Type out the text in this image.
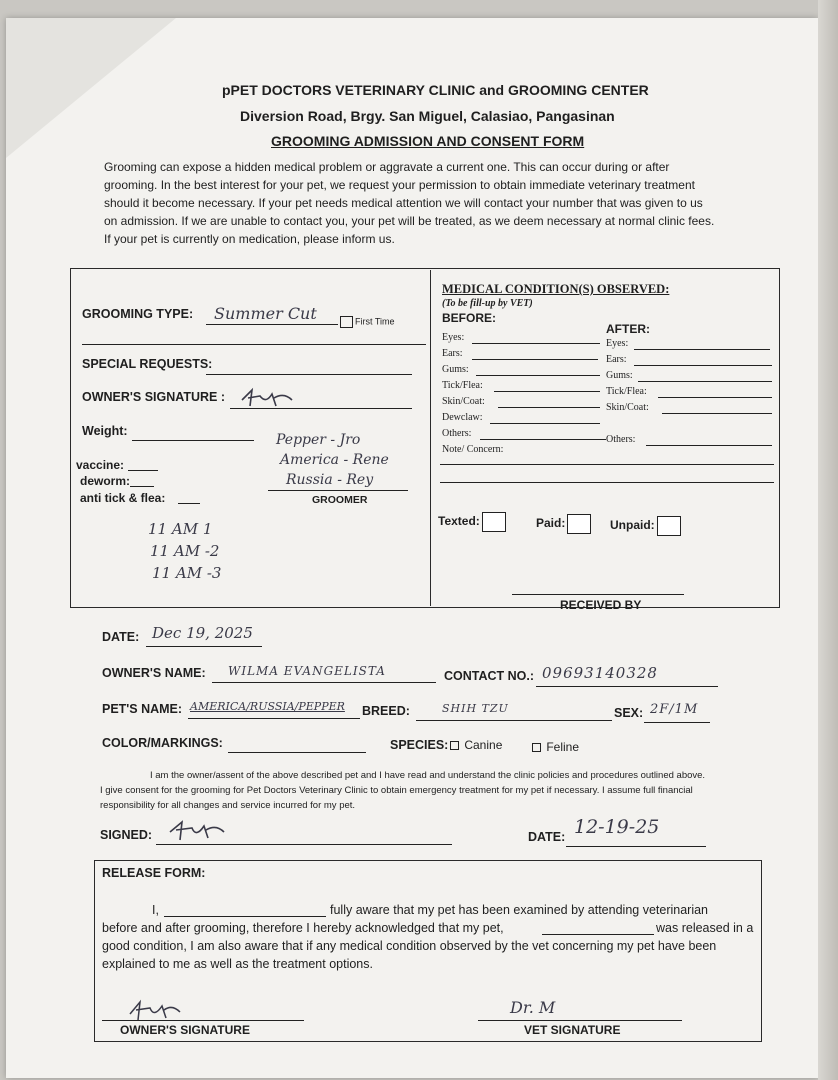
pPET DOCTORS VETERINARY CLINIC and GROOMING CENTER
Diversion Road, Brgy. San Miguel, Calasiao, Pangasinan
GROOMING ADMISSION AND CONSENT FORM
Grooming can expose a hidden medical problem or aggravate a current one. This can occur during or after
grooming. In the best interest for your pet, we request your permission to obtain immediate veterinary treatment
should it become necessary. If your pet needs medical attention we will contact your number that was given to us
on admission. If we are unable to contact you, your pet will be treated, as we deem necessary at normal clinic fees.
If your pet is currently on medication, please inform us.
GROOMING TYPE: Summer Cut	First Time
SPECIAL REQUESTS:
OWNER'S SIGNATURE :
Weight:
vaccine:
deworm:
anti tick & flea:
Pepper - Jro
America - Rene
Russia - Rey
GROOMER
11 AM 1
11 AM -2
11 AM -3
MEDICAL CONDITION(S) OBSERVED:
(To be fill-up by VET)
BEFORE:
AFTER:
Eyes:
Ears:
Gums:
Tick/Flea:
Skin/Coat:
Dewclaw:
Others:
Note/ Concern:
Eyes:
Ears:
Gums:
Tick/Flea:
Skin/Coat:
Others:
Texted:	Paid:	Unpaid:
RECEIVED BY
DATE: Dec 19, 2025
OWNER'S NAME: WILMA EVANGELISTA	CONTACT NO.: 09693140328
PET'S NAME: AMERICA/RUSSIA/PEPPER BREED:	SHIH TZU	SEX: 2F/1M
COLOR/MARKINGS:	SPECIES:	Canine	Feline
I am the owner/assent of the above described pet and I have read and understand the clinic policies and procedures outlined above.
I give consent for the grooming for Pet Doctors Veterinary Clinic to obtain emergency treatment for my pet if necessary. I assume full financial
responsibility for all changes and service incurred for my pet.
SIGNED:	DATE: 12-19-25
RELEASE FORM:
I,	fully aware that my pet has been examined by attending veterinarian
before and after grooming, therefore I hereby acknowledged that my pet,	was released in a
good condition, I am also aware that if any medical condition observed by the vet concerning my pet have been
explained to me as well as the treatment options.
OWNER'S SIGNATURE
Dr. M
VET SIGNATURE
